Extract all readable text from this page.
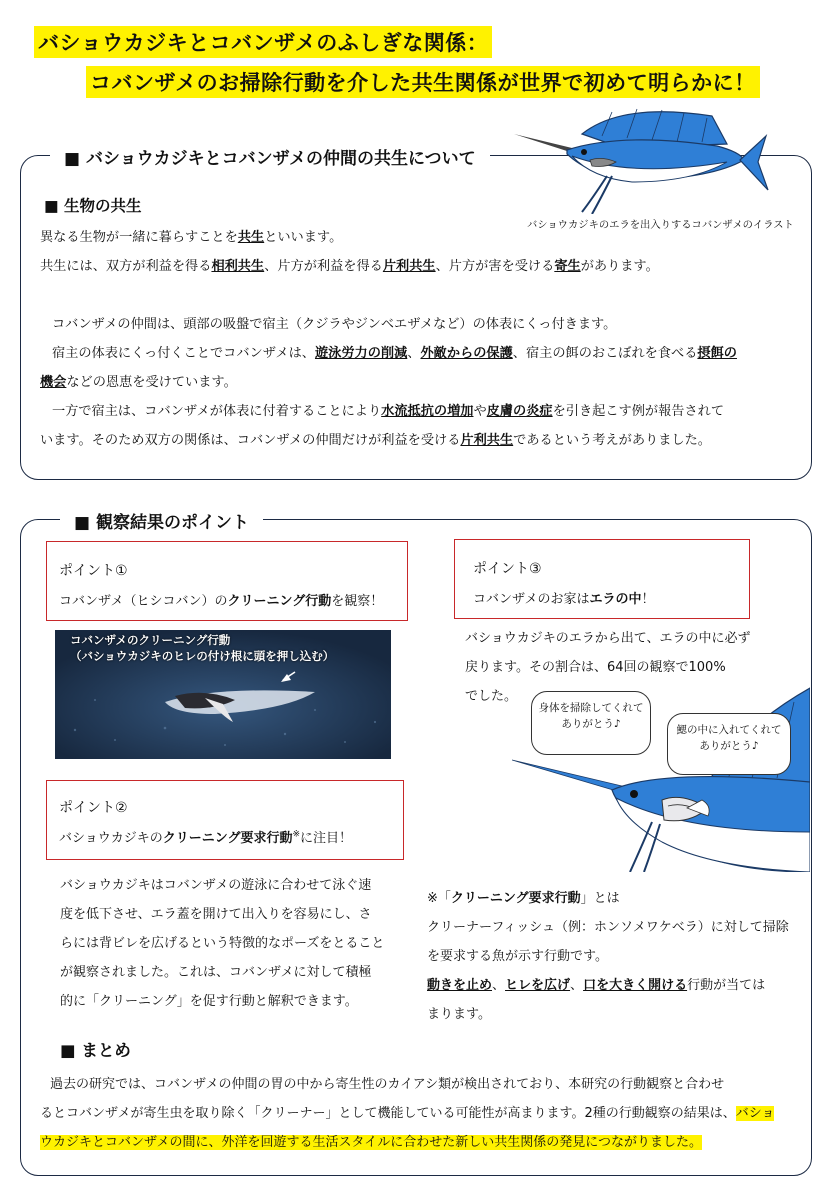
バショウカジキとコバンザメのふしぎな関係：
コバンザメのお掃除行動を介した共生関係が世界で初めて明らかに！
■ バショウカジキとコバンザメの仲間の共生について
バショウカジキのエラを出入りするコバンザメのイラスト
■ 生物の共生
異なる生物が一緒に暮らすことを共生といいます。
共生には、双方が利益を得る相利共生、片方が利益を得る片利共生、片方が害を受ける寄生があります。
コバンザメの仲間は、頭部の吸盤で宿主（クジラやジンベエザメなど）の体表にくっ付きます。
宿主の体表にくっ付くことでコバンザメは、遊泳労力の削減、外敵からの保護、宿主の餌のおこぼれを食べる摂餌の
機会などの恩恵を受けています。
一方で宿主は、コバンザメが体表に付着することにより水流抵抗の増加や皮膚の炎症を引き起こす例が報告されて
います。そのため双方の関係は、コバンザメの仲間だけが利益を受ける片利共生であるという考えがありました。
■ 観察結果のポイント
ポイント①
コバンザメ（ヒシコバン）のクリーニング行動を観察！
コバンザメのクリーニング行動
（バショウカジキのヒレの付け根に頭を押し込む）
ポイント②
バショウカジキのクリーニング要求行動※に注目！
バショウカジキはコバンザメの遊泳に合わせて泳ぐ速
度を低下させ、エラ蓋を開けて出入りを容易にし、さ
らには背ビレを広げるという特徴的なポーズをとること
が観察されました。これは、コバンザメに対して積極
的に「クリーニング」を促す行動と解釈できます。
ポイント③
コバンザメのお家はエラの中！
バショウカジキのエラから出て、エラの中に必ず
戻ります。その割合は、64回の観察で100%
でした。
身体を掃除してくれて
ありがとう♪	鰓の中に入れてくれて
ありがとう♪
※「クリーニング要求行動」とは
クリーナーフィッシュ（例：ホンソメワケベラ）に対して掃除
を要求する魚が示す行動です。
動きを止め、ヒレを広げ、口を大きく開ける行動が当ては
まります。
■ まとめ
過去の研究では、コバンザメの仲間の胃の中から寄生性のカイアシ類が検出されており、本研究の行動観察と合わせ
るとコバンザメが寄生虫を取り除く「クリーナー」として機能している可能性が高まります。2種の行動観察の結果は、バショ
ウカジキとコバンザメの間に、外洋を回遊する生活スタイルに合わせた新しい共生関係の発見につながりました。
